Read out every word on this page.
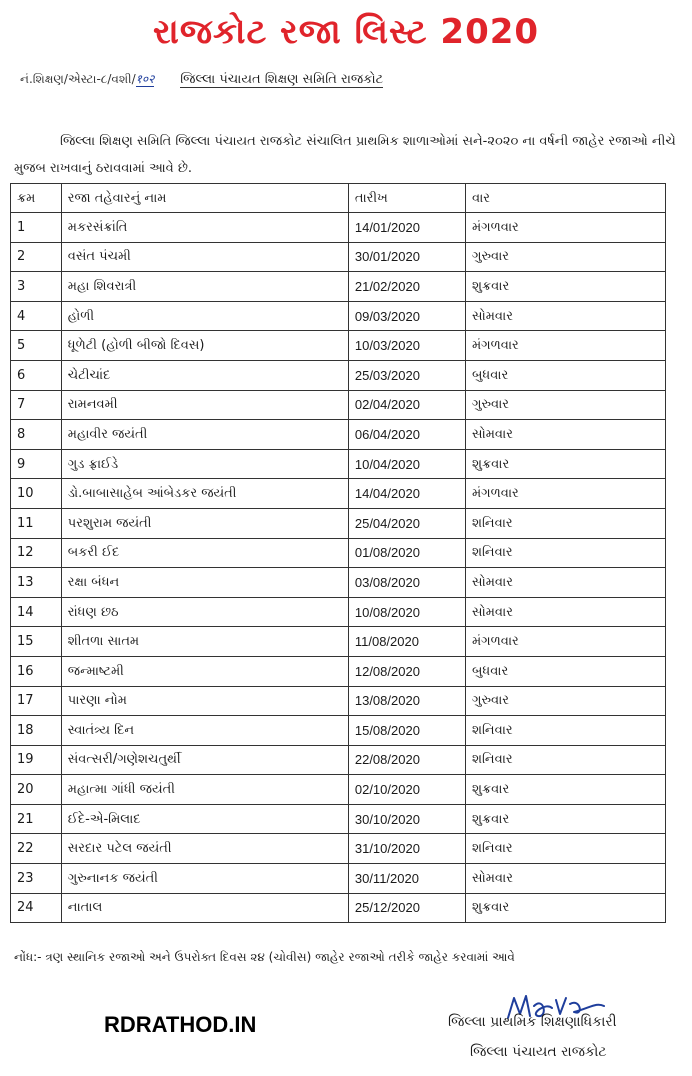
રાજકોટ રજા લિસ્ટ 2020
નં.શિક્ષણ/એસ્ટા-૮/વશી/१०२ જિલ્લા પંચાયત શિક્ષણ સમિતિ રાજકોટ

જિલ્લા શિક્ષણ સમિતિ જિલ્લા પંચાયત રાજકોટ સંચાલિત પ્રાથમિક શાળાઓમાં સને-૨૦૨૦ ના વર્ષની જાહેર રજાઓ નીચે મુજબ રાખવાનું ઠરાવવામાં આવે છે.

ક્રમ	રજા તહેવારનું નામ	તારીખ	વાર
1	મકરસંક્રાંતિ	14/01/2020	મંગળવાર
2	વસંત પંચમી	30/01/2020	ગુરુવાર
3	મહા શિવરાત્રી	21/02/2020	શુક્રવાર
4	હોળી	09/03/2020	સોમવાર
5	ધૂળેટી (હોળી બીજો દિવસ)	10/03/2020	મંગળવાર
6	ચેટીચાંદ	25/03/2020	બુધવાર
7	રામનવમી	02/04/2020	ગુરુવાર
8	મહાવીર જયંતી	06/04/2020	સોમવાર
9	ગુડ ફ્રાઈડે	10/04/2020	શુક્રવાર
10	ડો.બાબાસાહેબ આંબેડકર જયંતી	14/04/2020	મંગળવાર
11	પરશુરામ જયંતી	25/04/2020	શનિવાર
12	બકરી ઈદ	01/08/2020	શનિવાર
13	રક્ષા બંધન	03/08/2020	સોમવાર
14	રાંધણ છઠ	10/08/2020	સોમવાર
15	શીતળા સાતમ	11/08/2020	મંગળવાર
16	જન્માષ્ટમી	12/08/2020	બુધવાર
17	પારણા નોમ	13/08/2020	ગુરુવાર
18	સ્વાતંત્ર્ય દિન	15/08/2020	શનિવાર
19	સંવત્સરી/ગણેશચતુર્થી	22/08/2020	શનિવાર
20	મહાત્મા ગાંધી જયંતી	02/10/2020	શુક્રવાર
21	ઈદે-એ-મિલાદ	30/10/2020	શુક્રવાર
22	સરદાર પટેલ જયંતી	31/10/2020	શનિવાર
23	ગુરુનાનક જયંતી	30/11/2020	સોમવાર
24	નાતાલ	25/12/2020	શુક્રવાર
નોંધ:- ત્રણ સ્થાનિક રજાઓ અને ઉપરોક્ત દિવસ ૨૪ (ચોવીસ) જાહેર રજાઓ તરીકે જાહેર કરવામાં આવે
RDRATHOD.IN	જિલ્લા પ્રાથમિક શિક્ષણાધિકારી
જિલ્લા પંચાયત રાજકોટ
